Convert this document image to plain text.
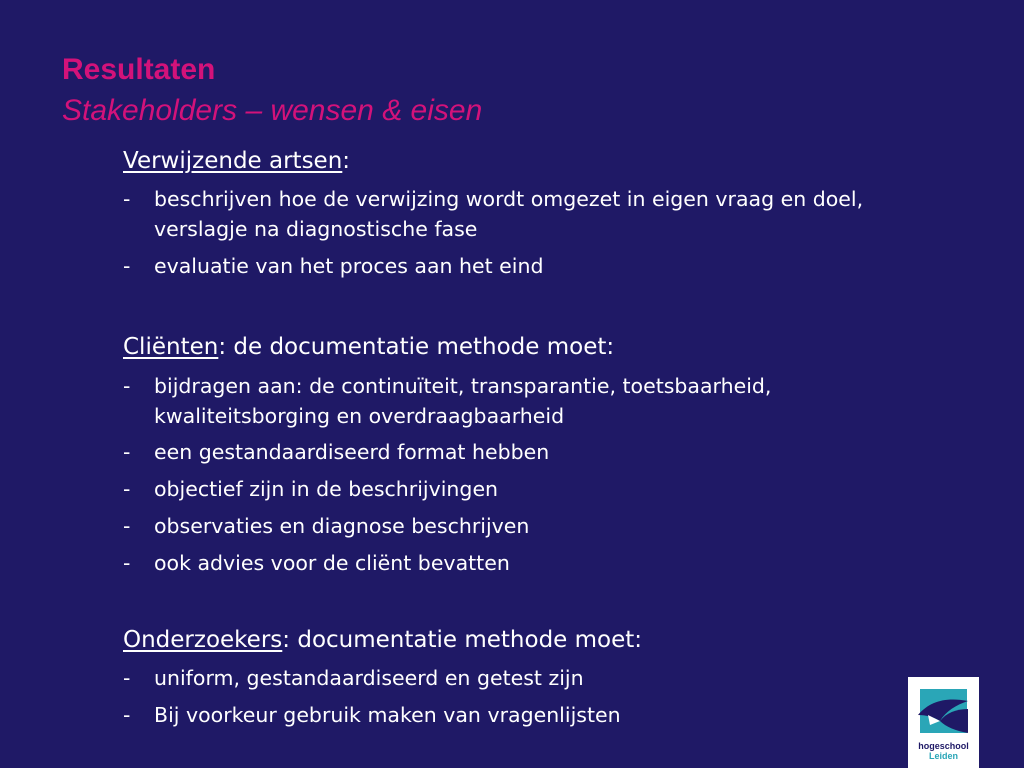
Resultaten
Stakeholders – wensen & eisen
Verwijzende artsen:
-	beschrijven hoe de verwijzing wordt omgezet in eigen vraag en doel, verslagje na diagnostische fase
-	evaluatie van het proces aan het eind
Cliënten: de documentatie methode moet:
-	bijdragen aan: de continuïteit, transparantie, toetsbaarheid, kwaliteitsborging en overdraagbaarheid
-	een gestandaardiseerd format hebben
-	objectief zijn in de beschrijvingen
-	observaties en diagnose beschrijven
-	ook advies voor de cliënt bevatten
Onderzoekers: documentatie methode moet:
-	uniform, gestandaardiseerd en getest zijn
-	Bij voorkeur gebruik maken van vragenlijsten
hogeschool
Leiden
